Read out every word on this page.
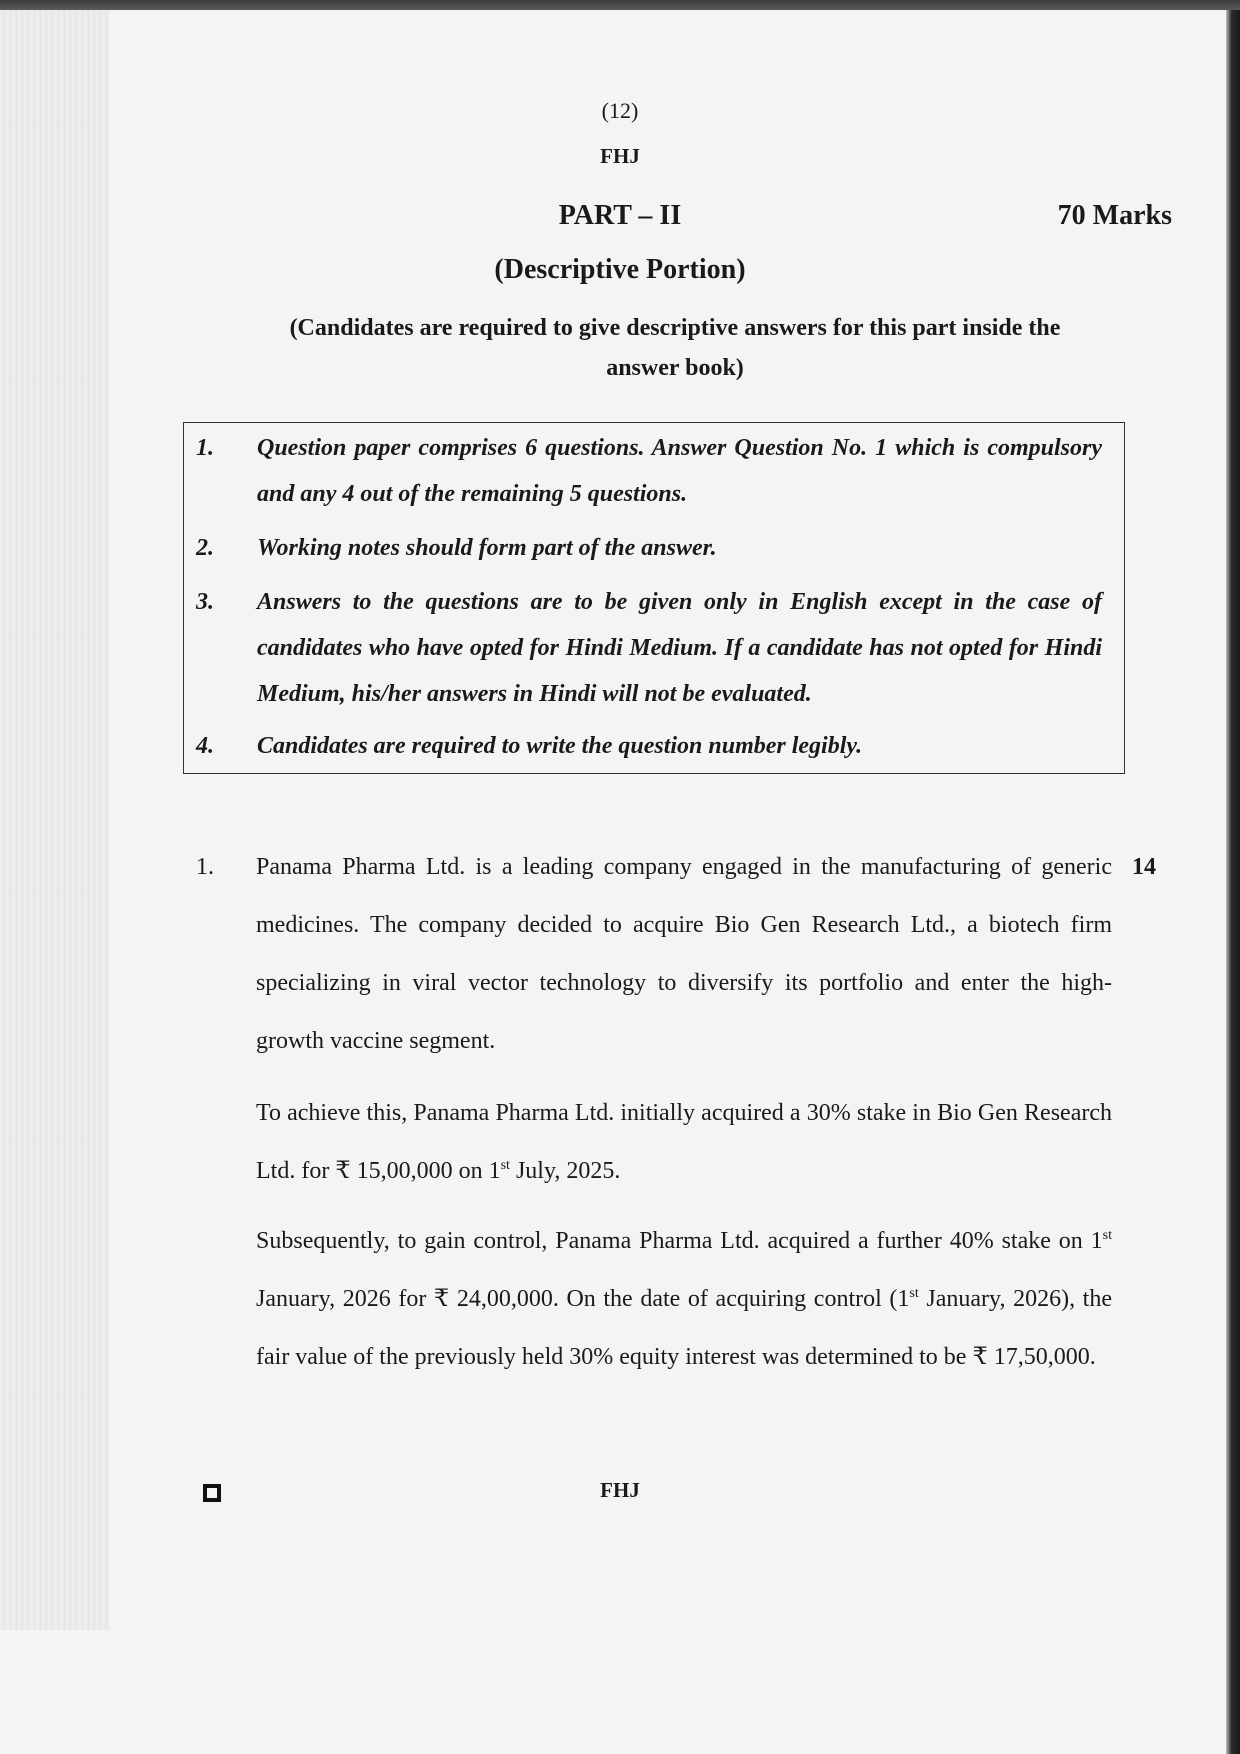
(12)
FHJ
PART – II	70 Marks
(Descriptive Portion)
(Candidates are required to give descriptive answers for this part inside the answer book)
1. Question paper comprises 6 questions. Answer Question No. 1 which is compulsory and any 4 out of the remaining 5 questions.
2. Working notes should form part of the answer.
3. Answers to the questions are to be given only in English except in the case of candidates who have opted for Hindi Medium. If a candidate has not opted for Hindi Medium, his/her answers in Hindi will not be evaluated.
4. Candidates are required to write the question number legibly.
1.	14
Panama Pharma Ltd. is a leading company engaged in the manufacturing of generic medicines. The company decided to acquire Bio Gen Research Ltd., a biotech firm specializing in viral vector technology to diversify its portfolio and enter the high-growth vaccine segment.
To achieve this, Panama Pharma Ltd. initially acquired a 30% stake in Bio Gen Research Ltd. for ₹ 15,00,000 on 1st July, 2025.
Subsequently, to gain control, Panama Pharma Ltd. acquired a further 40% stake on 1st January, 2026 for ₹ 24,00,000. On the date of acquiring control (1st January, 2026), the fair value of the previously held 30% equity interest was determined to be ₹ 17,50,000.
FHJ
